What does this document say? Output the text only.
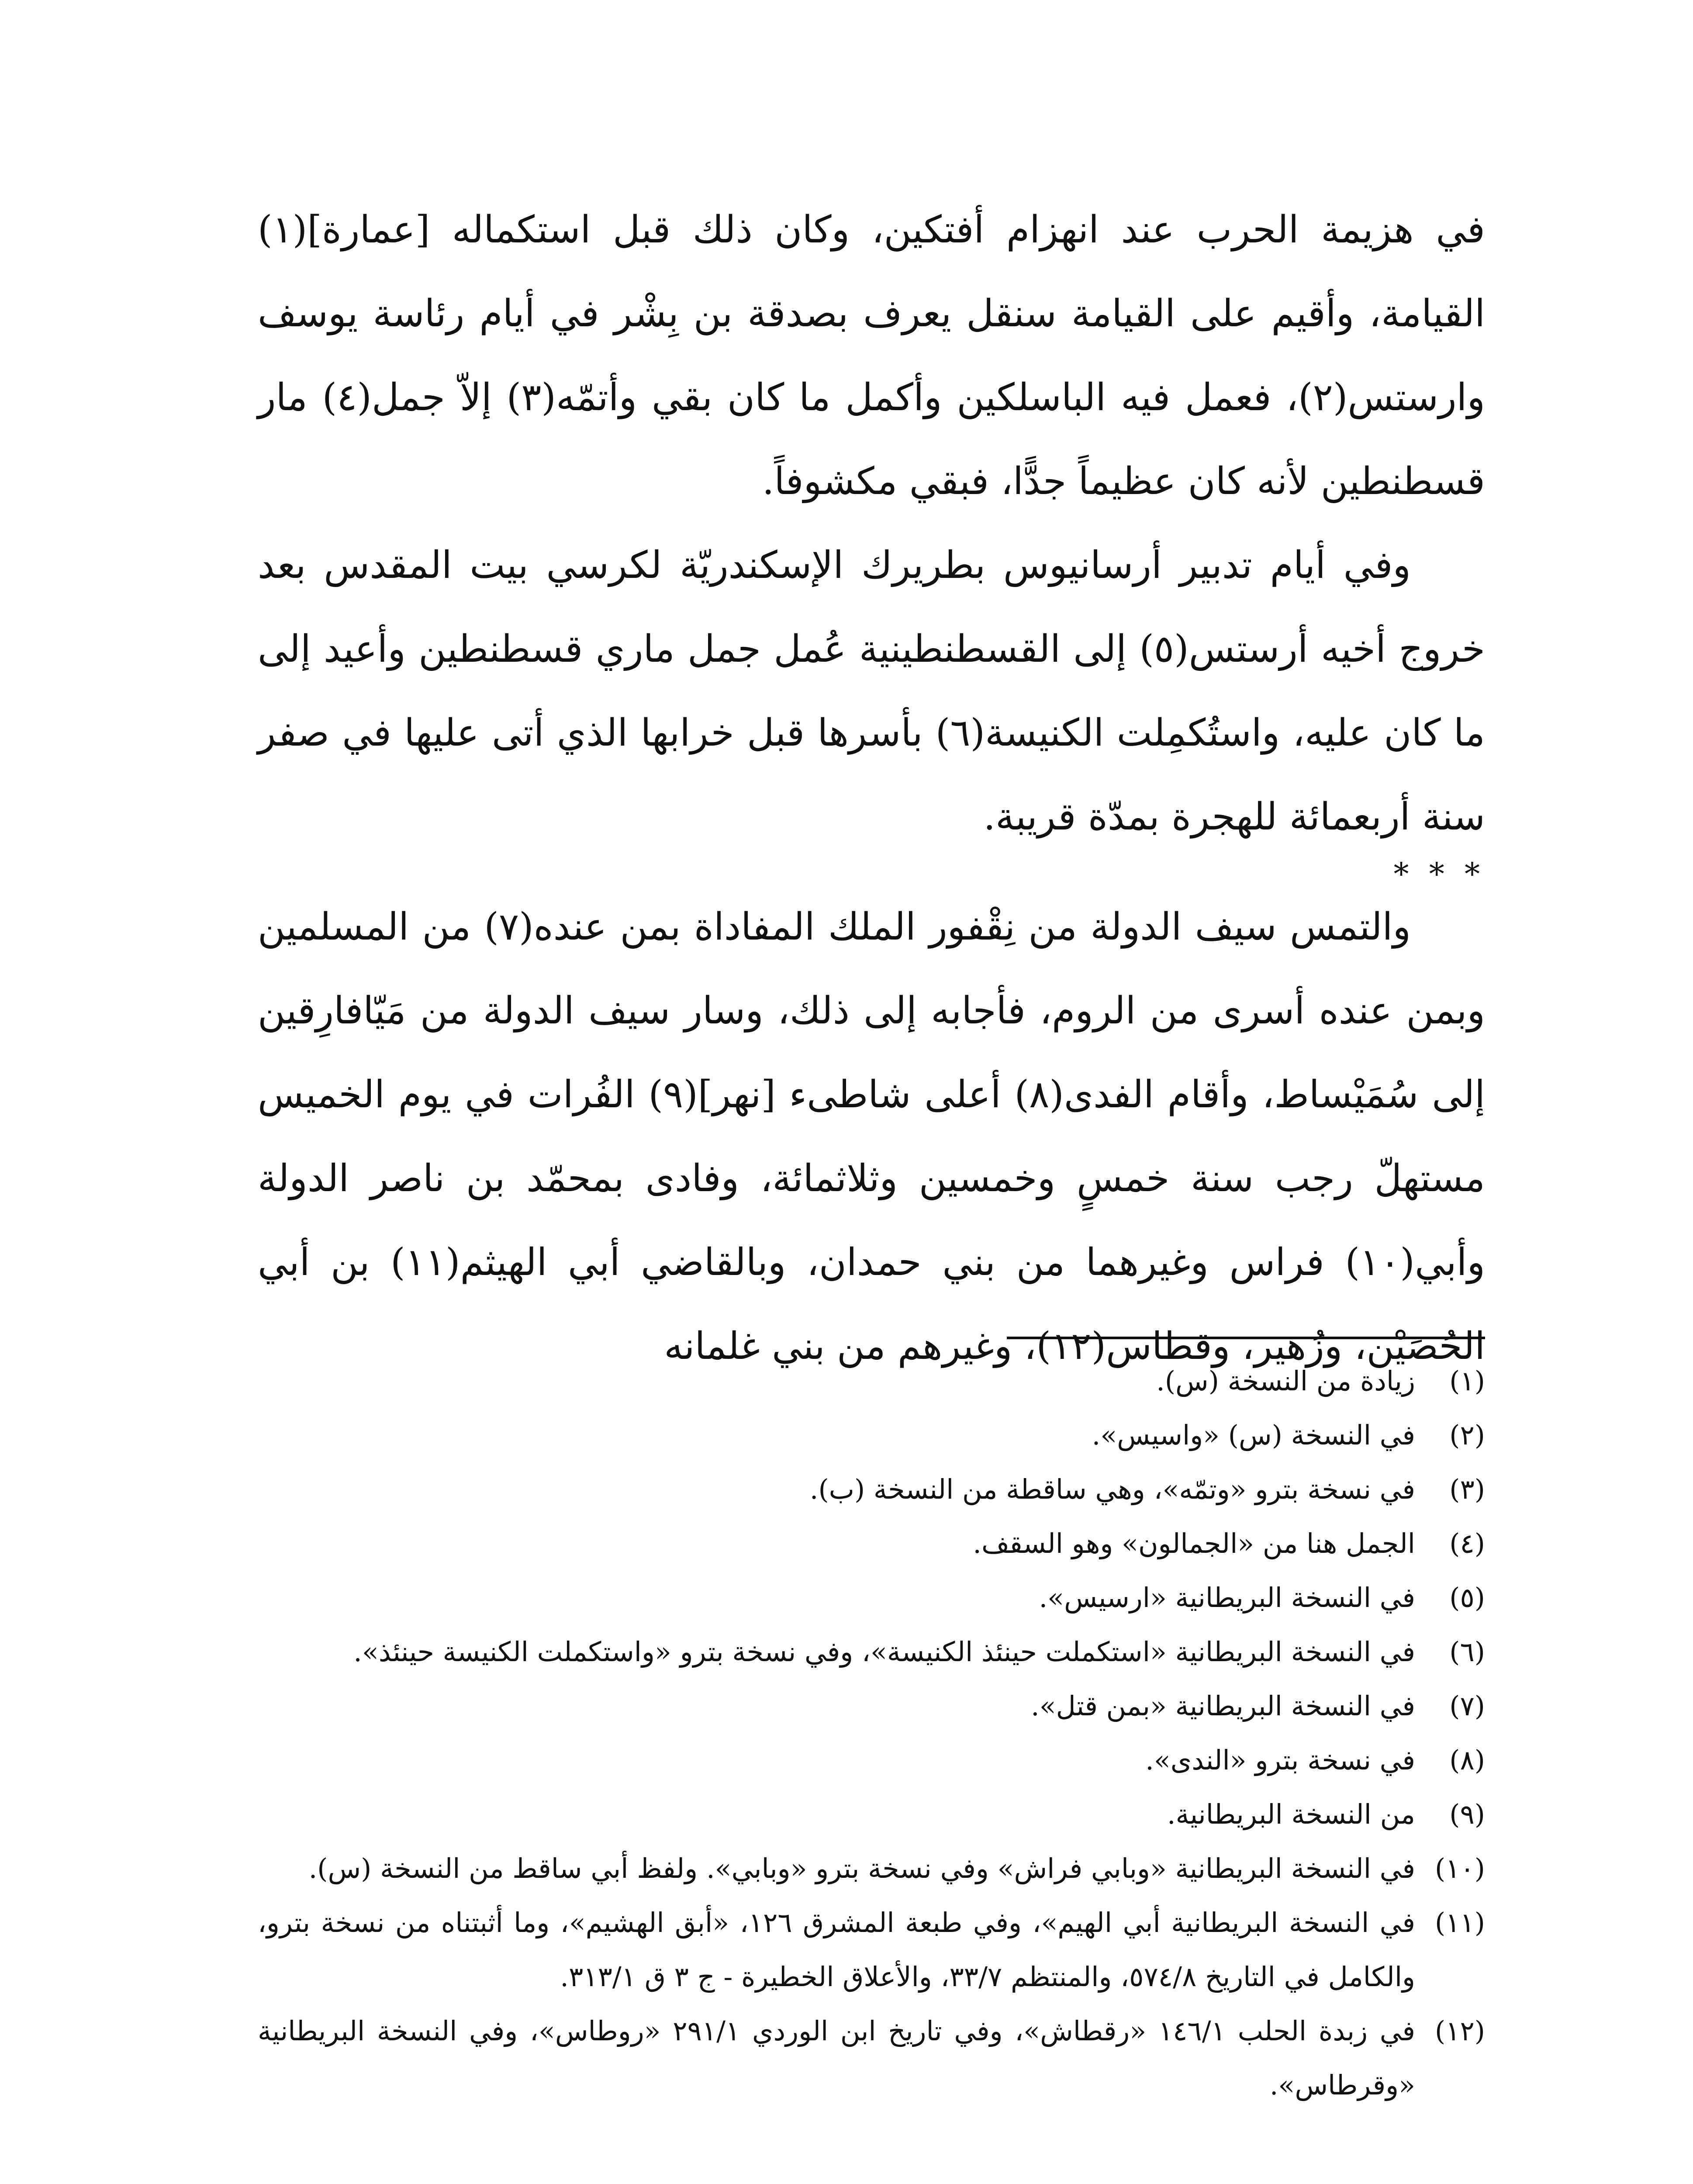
في هزيمة الحرب عند انهزام أفتكين، وكان ذلك قبل استكماله [عمارة](١) القيامة، وأقيم على القيامة سنقل يعرف بصدقة بن بِشْر في أيام رئاسة يوسف وارستس(٢)، فعمل فيه الباسلكين وأكمل ما كان بقي وأتمّه(٣) إلاّ جمل(٤) مار قسطنطين لأنه كان عظيماً جدًّا، فبقي مكشوفاً.

وفي أيام تدبير أرسانيوس بطريرك الإسكندريّة لكرسي بيت المقدس بعد خروج أخيه أرستس(٥) إلى القسطنطينية عُمل جمل ماري قسطنطين وأعيد إلى ما كان عليه، واستُكمِلت الكنيسة(٦) بأسرها قبل خرابها الذي أتى عليها في صفر سنة أربعمائة للهجرة بمدّة قريبة.

* * *

والتمس سيف الدولة من نِقْفور الملك المفاداة بمن عنده(٧) من المسلمين وبمن عنده أسرى من الروم، فأجابه إلى ذلك، وسار سيف الدولة من مَيّافارِقين إلى سُمَيْساط، وأقام الفدى(٨) أعلى شاطىء [نهر](٩) الفُرات في يوم الخميس مستهلّ رجب سنة خمسٍ وخمسين وثلاثمائة، وفادى بمحمّد بن ناصر الدولة وأبي(١٠) فراس وغيرهما من بني حمدان، وبالقاضي أبي الهيثم(١١) بن أبي الحُصَيْن، وزُهير، وقطاس(١٢)، وغيرهم من بني غلمانه

(١)
زيادة من النسخة (س).
(٢)
في النسخة (س) «واسيس».
(٣)
في نسخة بترو «وتمّه»، وهي ساقطة من النسخة (ب).
(٤)
الجمل هنا من «الجمالون» وهو السقف.
(٥)
في النسخة البريطانية «ارسيس».
(٦)
في النسخة البريطانية «استكملت حينئذ الكنيسة»، وفي نسخة بترو «واستكملت الكنيسة حينئذ».
(٧)
في النسخة البريطانية «بمن قتل».
(٨)
في نسخة بترو «الندى».
(٩)
من النسخة البريطانية.
(١٠)
في النسخة البريطانية «وبابي فراش» وفي نسخة بترو «وبابي». ولفظ أبي ساقط من النسخة (س).
(١١)
في النسخة البريطانية أبي الهيم»، وفي طبعة المشرق ١٢٦، «أبق الهشيم»، وما أثبتناه من نسخة بترو، والكامل في التاريخ ٥٧٤/٨، والمنتظم ٣٣/٧، والأعلاق الخطيرة - ج ٣ ق ٣١٣/١.
(١٢)
في زبدة الحلب ١٤٦/١ «رقطاش»، وفي تاريخ ابن الوردي ٢٩١/١ «روطاس»، وفي النسخة البريطانية «وقرطاس».
